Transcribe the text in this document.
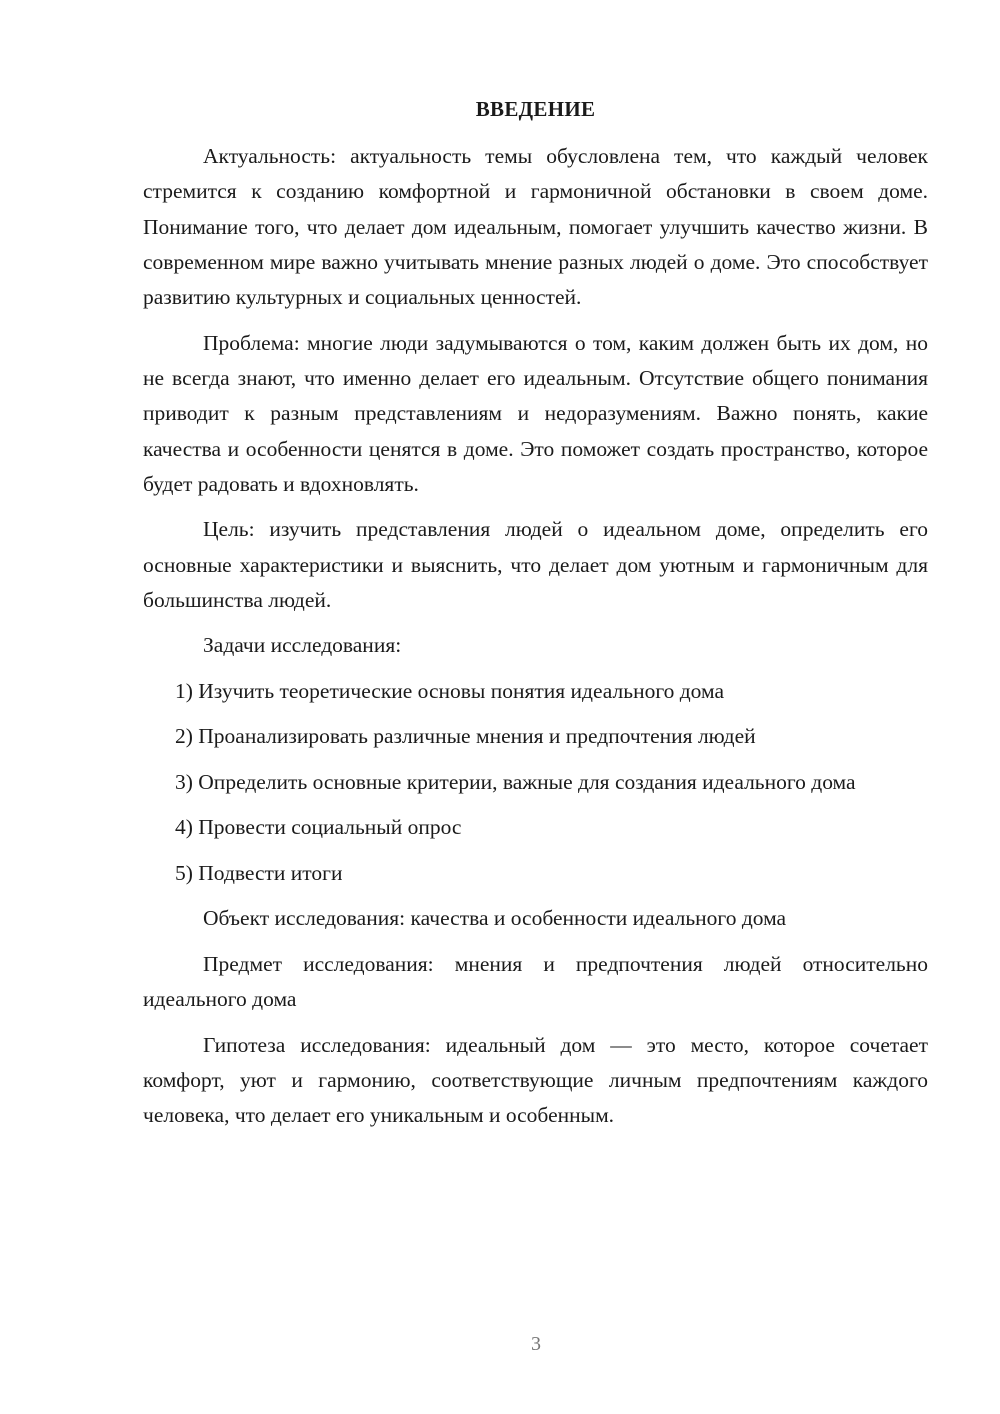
ВВЕДЕНИЕ

Актуальность: актуальность темы обусловлена тем, что каждый человек стремится к созданию комфортной и гармоничной обстановки в своем доме. Понимание того, что делает дом идеальным, помогает улучшить качество жизни. В современном мире важно учитывать мнение разных людей о доме. Это способствует развитию культурных и социальных ценностей.

Проблема: многие люди задумываются о том, каким должен быть их дом, но не всегда знают, что именно делает его идеальным. Отсутствие общего понимания приводит к разным представлениям и недоразумениям. Важно понять, какие качества и особенности ценятся в доме. Это поможет создать пространство, которое будет радовать и вдохновлять.

Цель: изучить представления людей о идеальном доме, определить его основные характеристики и выяснить, что делает дом уютным и гармоничным для большинства людей.

Задачи исследования:

1) Изучить теоретические основы понятия идеального дома

2) Проанализировать различные мнения и предпочтения людей

3) Определить основные критерии, важные для создания идеального дома

4) Провести социальный опрос

5) Подвести итоги

Объект исследования: качества и особенности идеального дома

Предмет исследования: мнения и предпочтения людей относительно идеального дома

Гипотеза исследования: идеальный дом — это место, которое сочетает комфорт, уют и гармонию, соответствующие личным предпочтениям каждого человека, что делает его уникальным и особенным.

3
